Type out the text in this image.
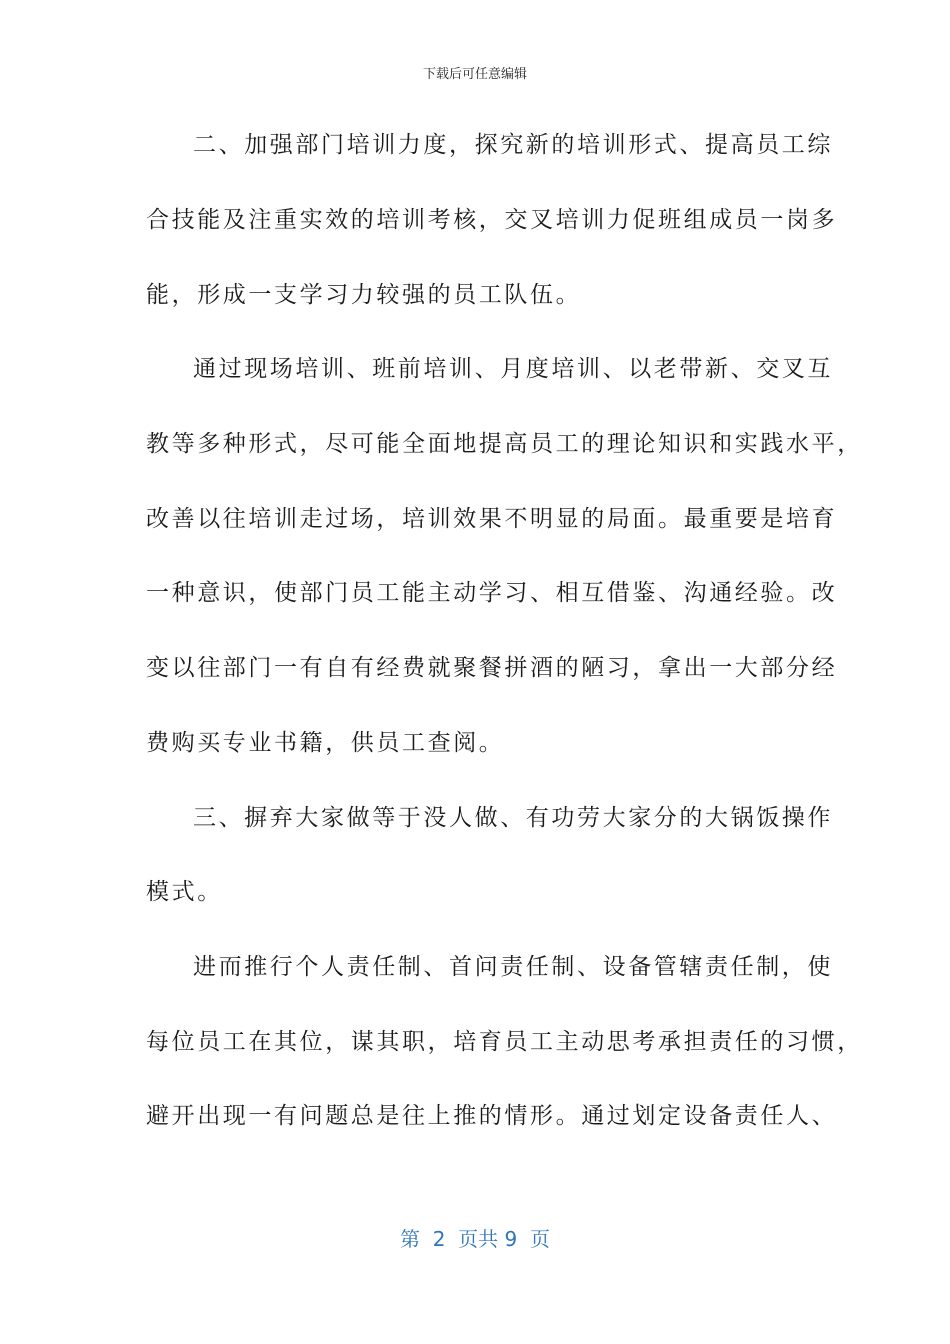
下载后可任意编辑
二、加强部门培训力度，探究新的培训形式、提高员工综
合技能及注重实效的培训考核，交叉培训力促班组成员一岗多
能，形成一支学习力较强的员工队伍。
通过现场培训、班前培训、月度培训、以老带新、交叉互
教等多种形式，尽可能全面地提高员工的理论知识和实践水平，
改善以往培训走过场，培训效果不明显的局面。最重要是培育
一种意识，使部门员工能主动学习、相互借鉴、沟通经验。改
变以往部门一有自有经费就聚餐拼酒的陋习，拿出一大部分经
费购买专业书籍，供员工查阅。
三、摒弃大家做等于没人做、有功劳大家分的大锅饭操作
模式。
进而推行个人责任制、首问责任制、设备管辖责任制，使
每位员工在其位，谋其职，培育员工主动思考承担责任的习惯，
避开出现一有问题总是往上推的情形。通过划定设备责任人、
第  2  页共 9  页
